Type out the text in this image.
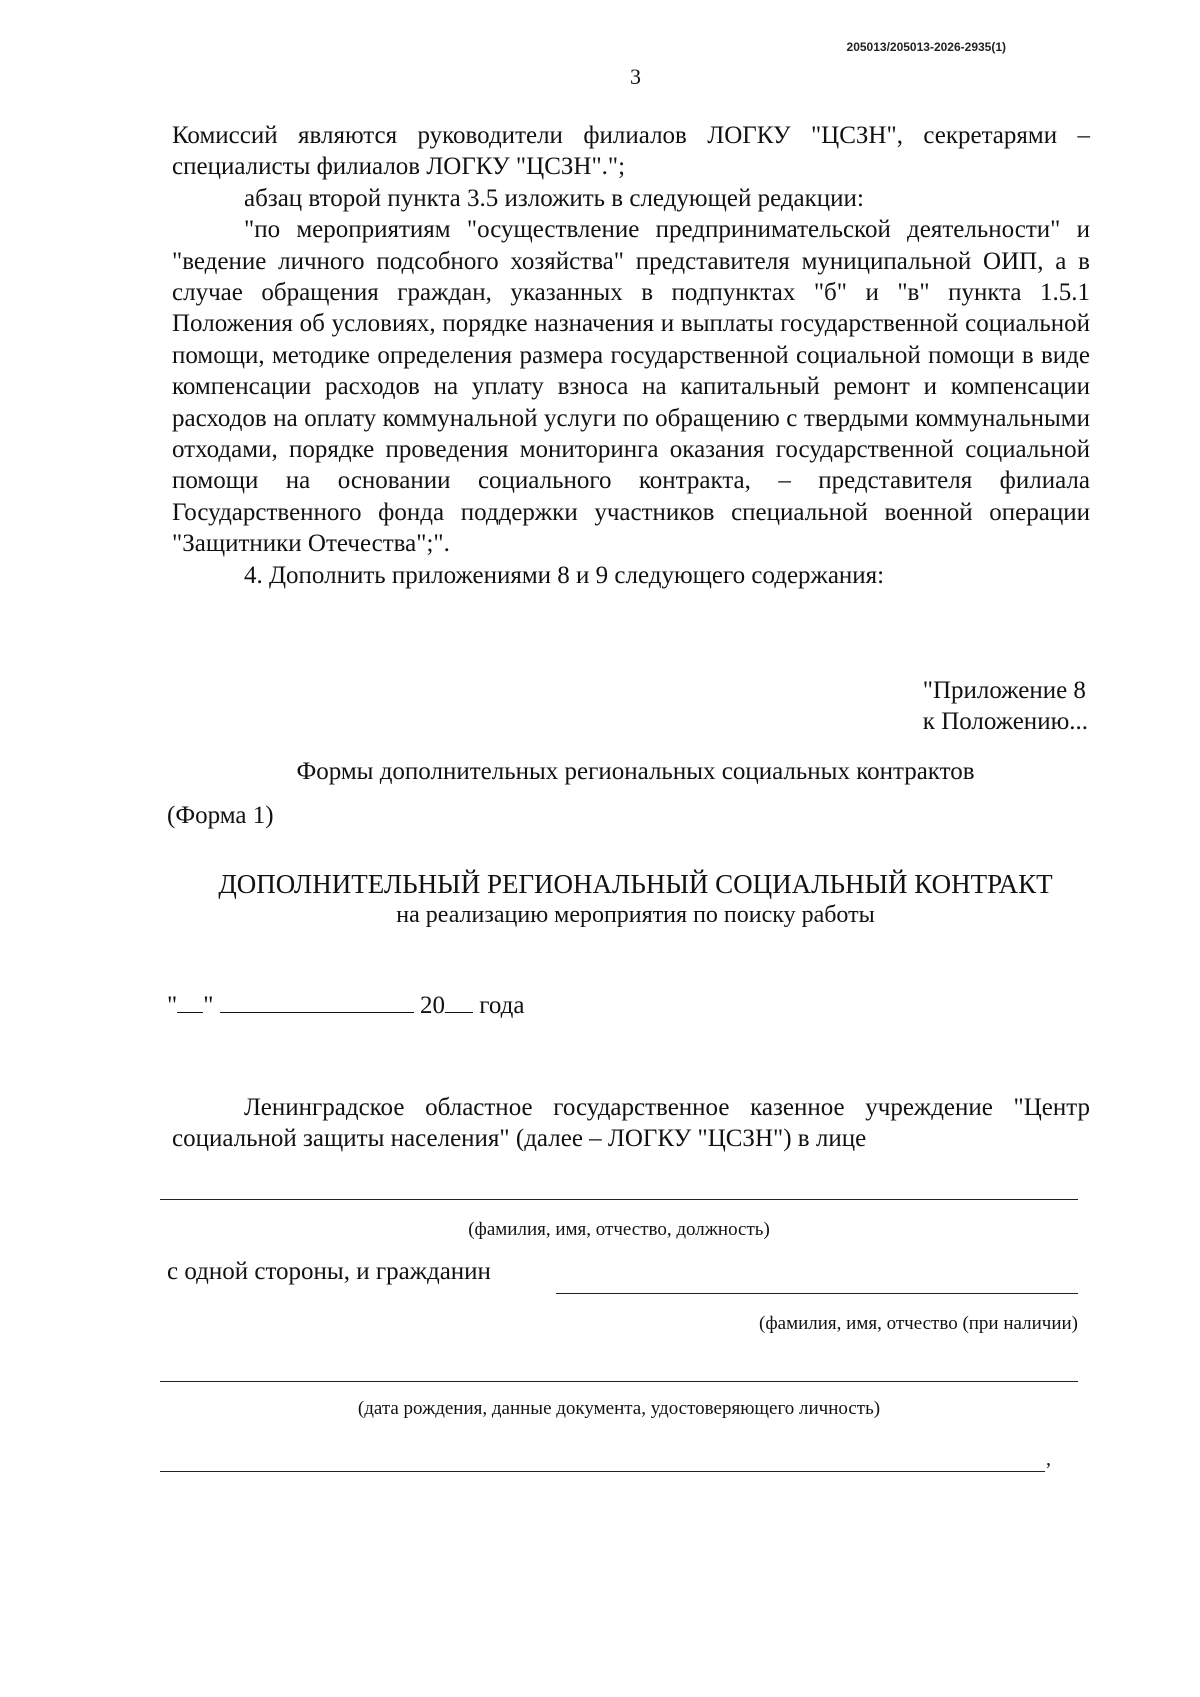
205013/205013-2026-2935(1)

3

Комиссий являются руководители филиалов ЛОГКУ "ЦСЗН", секретарями – специалисты филиалов ЛОГКУ "ЦСЗН".";

абзац второй пункта 3.5 изложить в следующей редакции:

"по мероприятиям "осуществление предпринимательской деятельности" и "ведение личного подсобного хозяйства" представителя муниципальной ОИП, а в случае обращения граждан, указанных в подпунктах "б" и "в" пункта 1.5.1 Положения об условиях, порядке назначения и выплаты государственной социальной помощи, методике определения размера государственной социальной помощи в виде компенсации расходов на уплату взноса на капитальный ремонт и компенсации расходов на оплату коммунальной услуги по обращению с твердыми коммунальными отходами, порядке проведения мониторинга оказания государственной социальной помощи на основании социального контракта, – представителя филиала Государственного фонда поддержки участников специальной военной операции "Защитники Отечества";".

4. Дополнить приложениями 8 и 9 следующего содержания:

"Приложение 8
к Положению...

Формы дополнительных региональных социальных контрактов

(Форма 1)

ДОПОЛНИТЕЛЬНЫЙ РЕГИОНАЛЬНЫЙ СОЦИАЛЬНЫЙ КОНТРАКТ

на реализацию мероприятия по поиску работы

" "	20 года

Ленинградское областное государственное казенное учреждение "Центр социальной защиты населения" (далее – ЛОГКУ "ЦСЗН") в лице

(фамилия, имя, отчество, должность)

с одной стороны, и гражданин

(фамилия, имя, отчество (при наличии)

(дата рождения, данные документа, удостоверяющего личность)

,
